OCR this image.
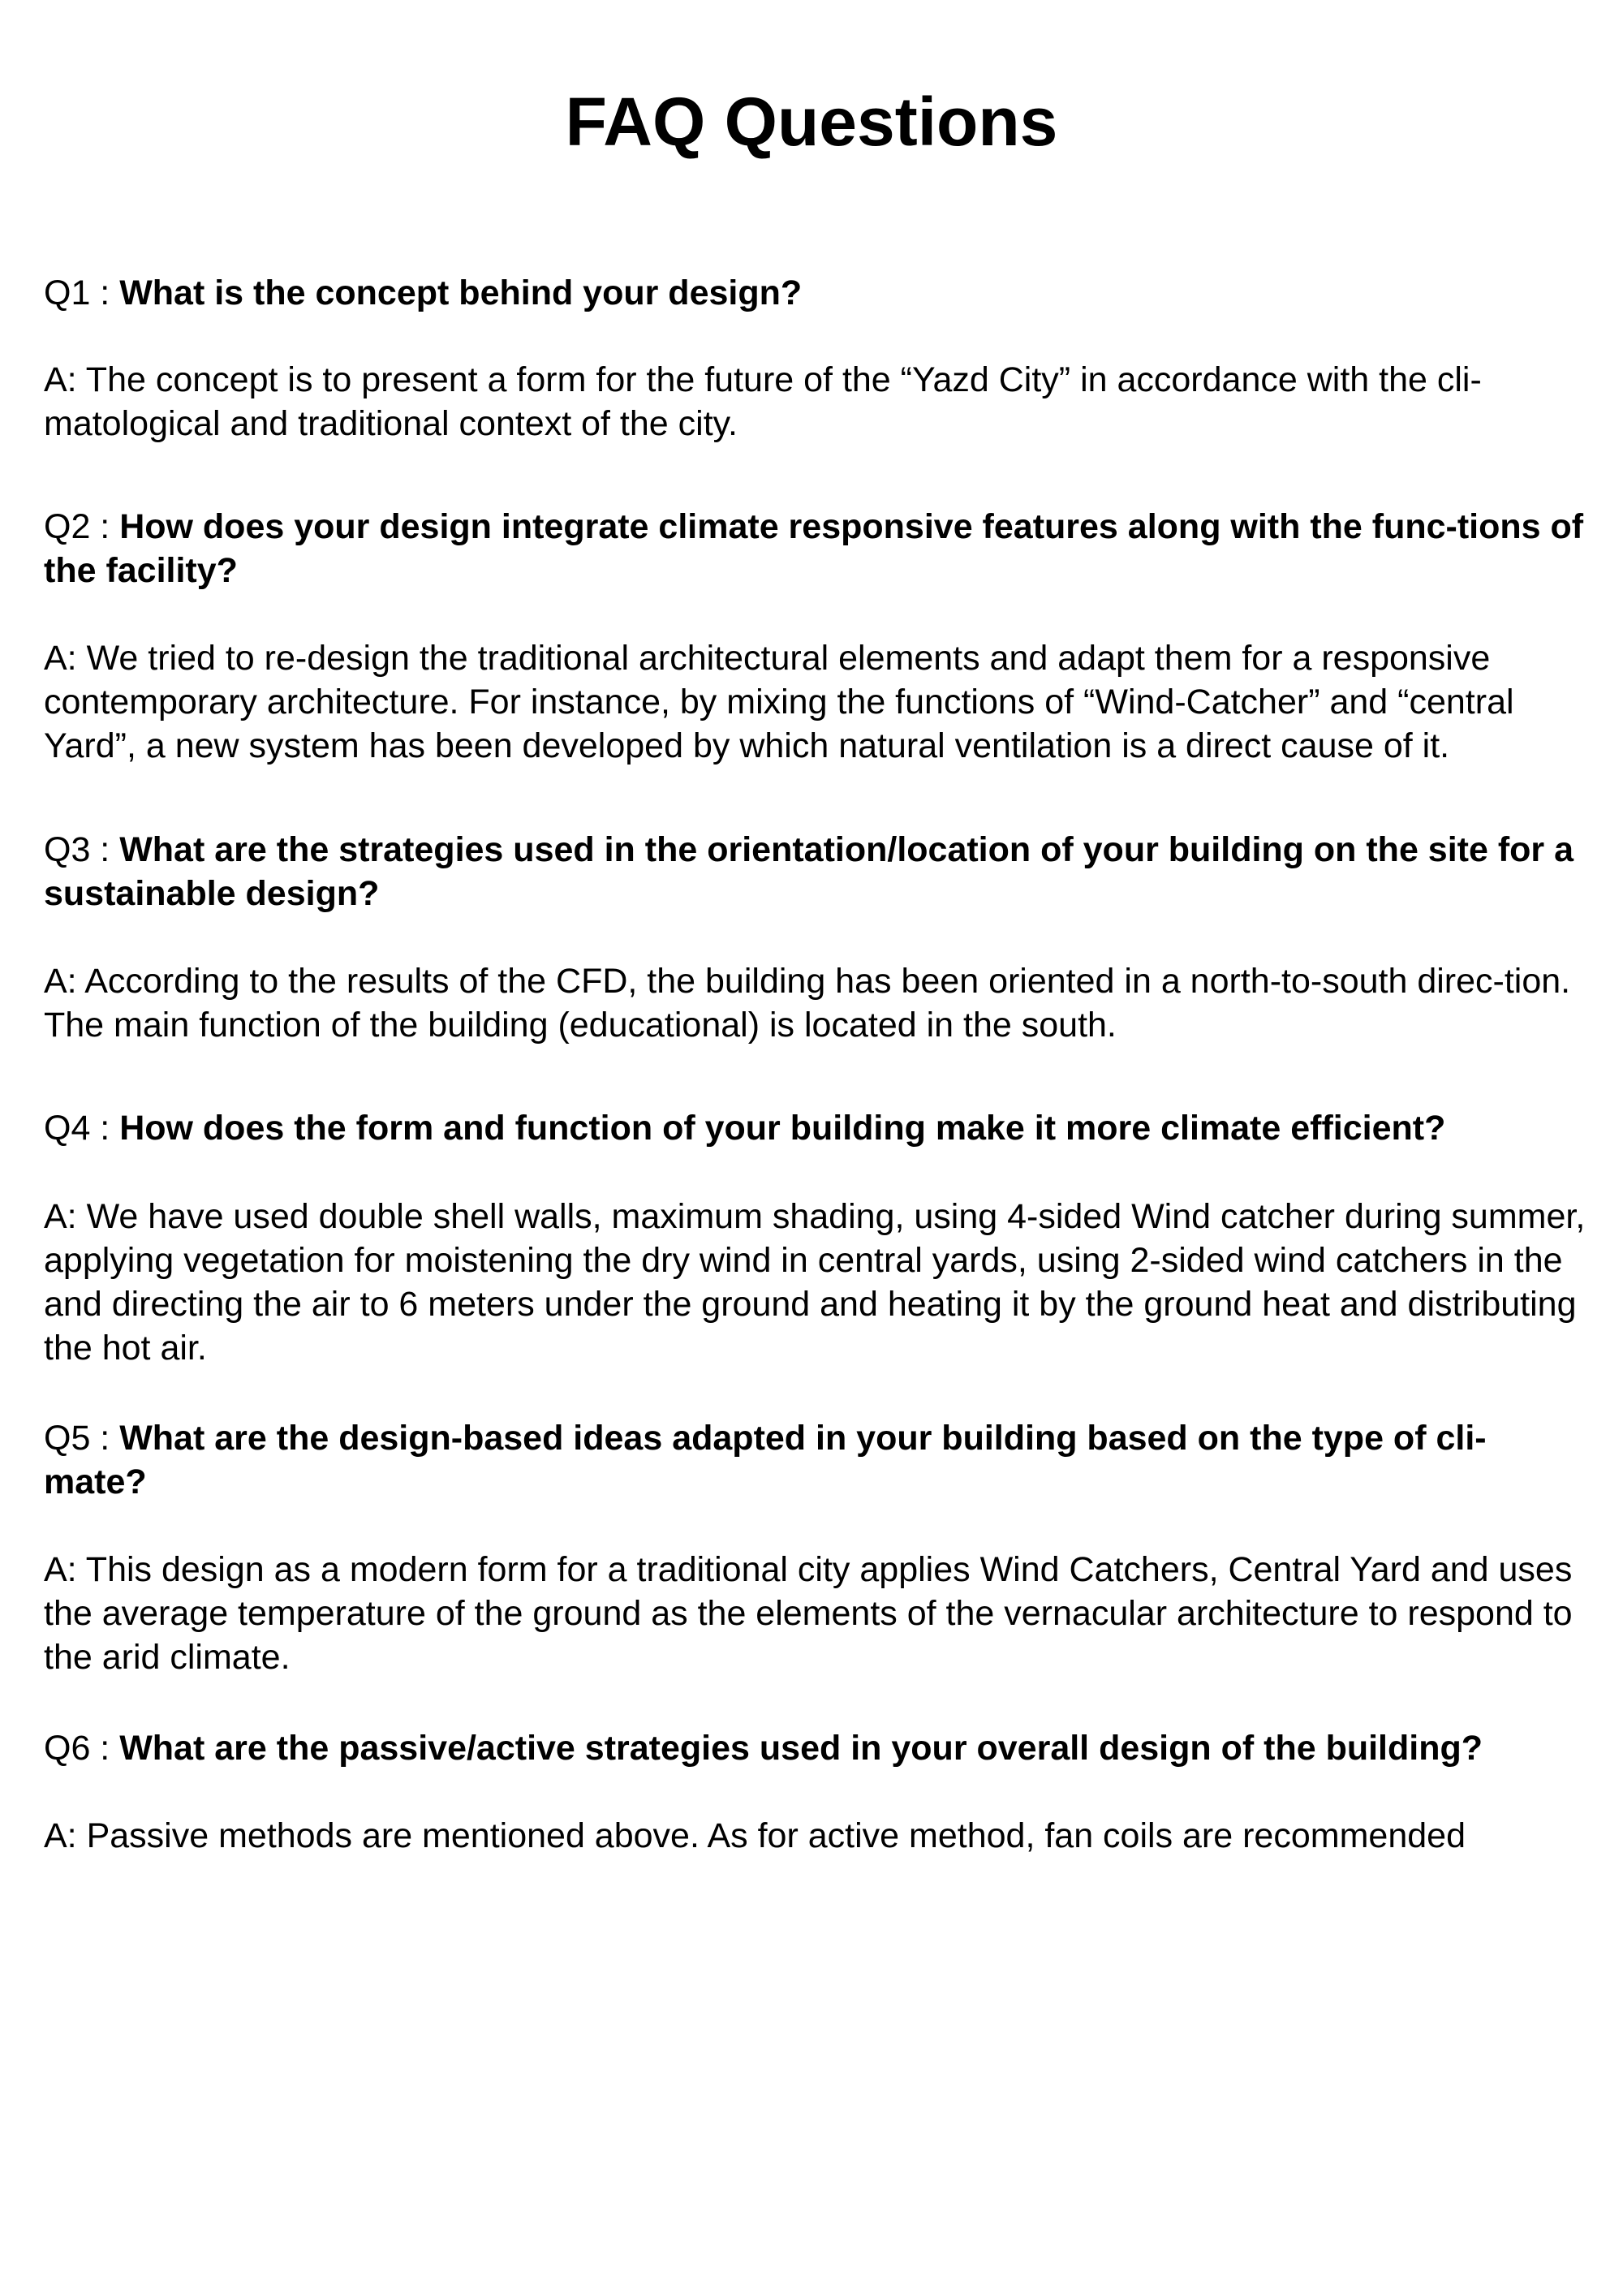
FAQ Questions

Q1 : What is the concept behind your design?

A: The concept is to present a form for the future of the “Yazd City” in accordance with the cli-matological and traditional context of the city.

Q2 : How does your design integrate climate responsive features along with the func-tions of the facility?

A: We tried to re-design the traditional architectural elements and adapt them for a responsive contemporary architecture. For instance, by mixing the functions of “Wind-Catcher” and “central Yard”, a new system has been developed by which natural ventilation is a direct cause of it.

Q3 : What are the strategies used in the orientation/location of your building on the site for a sustainable design?

A: According to the results of the CFD, the building has been oriented in a north-to-south direc-tion. The main function of the building (educational) is located in the south.

Q4 : How does the form and function of your building make it more climate efficient?

A: We have used double shell walls, maximum shading, using 4-sided Wind catcher during summer, applying vegetation for moistening the dry wind in central yards, using 2-sided wind catchers in the and directing the air to 6 meters under the ground and heating it by the ground heat and distributing the hot air.

Q5 : What are the design-based ideas adapted in your building based on the type of cli-mate?

A: This design as a modern form for a traditional city applies Wind Catchers, Central Yard and uses the average temperature of the ground as the elements of the vernacular architecture to respond to the arid climate.

Q6 : What are the passive/active strategies used in your overall design of the building?

A: Passive methods are mentioned above. As for active method, fan coils are recommended
